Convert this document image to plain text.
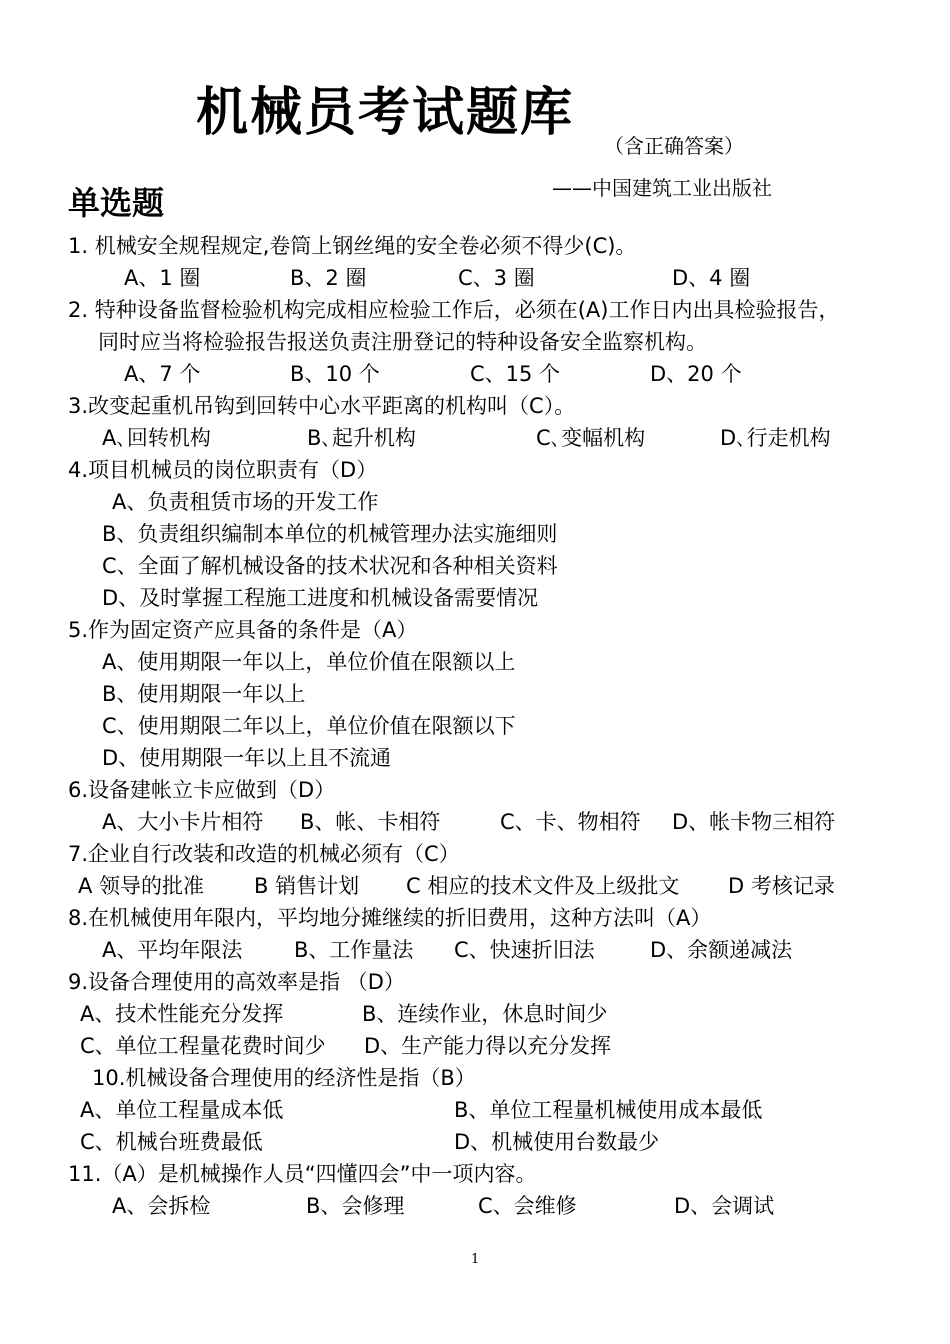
机械员考试题库
（含正确答案）
——中国建筑工业出版社
单选题
1. 机械安全规程规定,卷筒上钢丝绳的安全卷必须不得少(C)。
A、1 圈	B、2 圈	C、3 圈	D、4 圈
2. 特种设备监督检验机构完成相应检验工作后，必须在(A)工作日内出具检验报告，
同时应当将检验报告报送负责注册登记的特种设备安全监察机构。
A、7 个	B、10 个	C、15 个	D、20 个
3.改变起重机吊钩到回转中心水平距离的机构叫（C）。
A､回转机构	B､起升机构	C､变幅机构	D､行走机构
4.项目机械员的岗位职责有（D）
A、负责租赁市场的开发工作
B、负责组织编制本单位的机械管理办法实施细则
C、全面了解机械设备的技术状况和各种相关资料
D、及时掌握工程施工进度和机械设备需要情况
5.作为固定资产应具备的条件是（A）
A、使用期限一年以上，单位价值在限额以上
B、使用期限一年以上
C、使用期限二年以上，单位价值在限额以下
D、使用期限一年以上且不流通
6.设备建帐立卡应做到（D）
A、大小卡片相符 B、帐、卡相符	C、卡、物相符 D、帐卡物三相符
7.企业自行改装和改造的机械必须有（C）
A 领导的批准 B 销售计划 C 相应的技术文件及上级批文 D 考核记录
8.在机械使用年限内，平均地分摊继续的折旧费用，这种方法叫（A）
A、平均年限法 B、工作量法 C、快速折旧法	D、余额递减法
9.设备合理使用的高效率是指 （D）
A、技术性能充分发挥	B、连续作业，休息时间少
C、单位工程量花费时间少 D、生产能力得以充分发挥
10.机械设备合理使用的经济性是指（B）
A、单位工程量成本低	B、单位工程量机械使用成本最低
C、机械台班费最低	D、机械使用台数最少
11.（A）是机械操作人员“四懂四会”中一项内容。
A、会拆检	B、会修理	C、会维修	D、会调试
1
